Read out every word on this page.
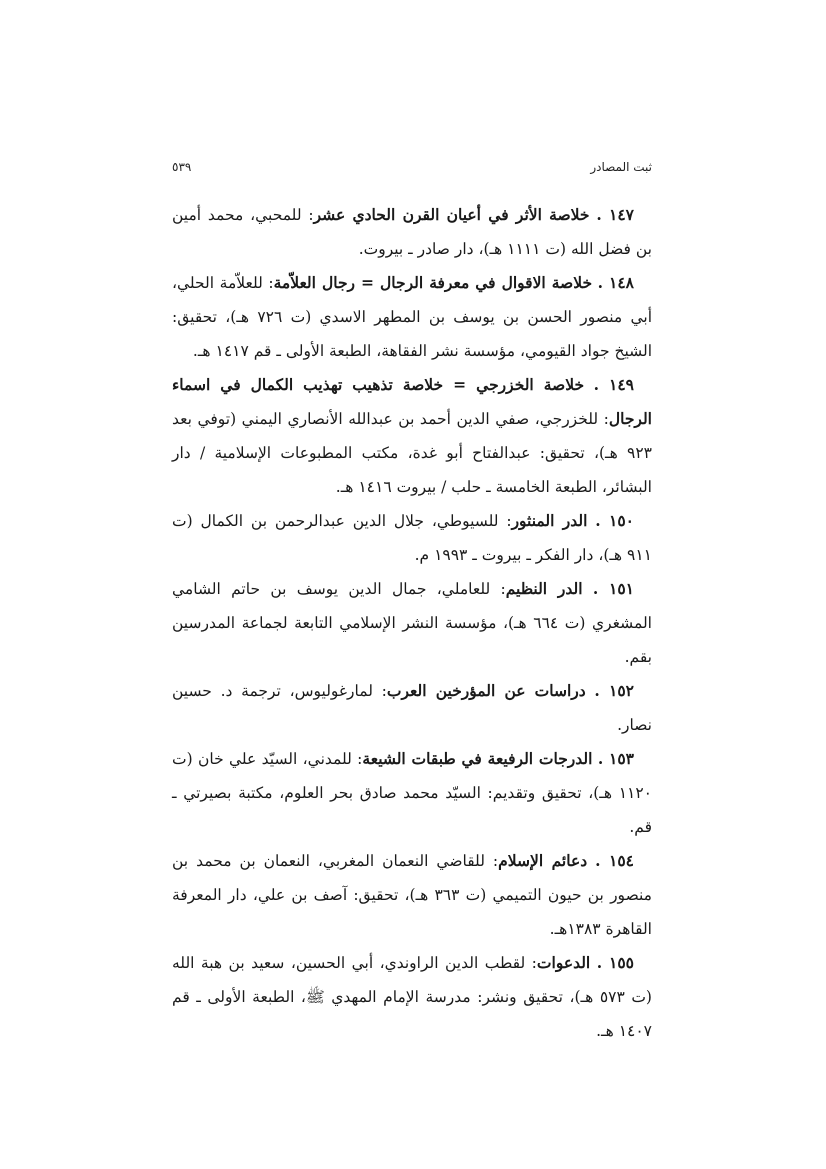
٥٣٩	ثبت المصادر

١٤٧ . خلاصة الأثر في أعيان القرن الحادي عشر: للمحبي، محمد أمين بن فضل الله (ت ١١١١ هـ)، دار صادر ـ بيروت.

١٤٨ . خلاصة الاقوال في معرفة الرجال = رجال العلاّمة: للعلاّمة الحلي، أبي منصور الحسن بن يوسف بن المطهر الاسدي (ت ٧٢٦ هـ)، تحقيق: الشيخ جواد القيومي، مؤسسة نشر الفقاهة، الطبعة الأولى ـ قم ١٤١٧ هـ.

١٤٩ . خلاصة الخزرجي = خلاصة تذهيب تهذيب الكمال في اسماء الرجال: للخزرجي، صفي الدين أحمد بن عبدالله الأنصاري اليمني (توفي بعد ٩٢٣ هـ)، تحقيق: عبدالفتاح أبو غدة، مكتب المطبوعات الإسلامية / دار البشائر، الطبعة الخامسة ـ حلب / بيروت ١٤١٦ هـ.

١٥٠ . الدر المنثور: للسيوطي، جلال الدين عبدالرحمن بن الكمال (ت ٩١١ هـ)، دار الفكر ـ بيروت ـ ١٩٩٣ م.

١٥١ . الدر النظيم: للعاملي، جمال الدين يوسف بن حاتم الشامي المشغري (ت ٦٦٤ هـ)، مؤسسة النشر الإسلامي التابعة لجماعة المدرسين بقم.

١٥٢ . دراسات عن المؤرخين العرب: لمارغوليوس، ترجمة د. حسين نصار.

١٥٣ . الدرجات الرفيعة في طبقات الشيعة: للمدني، السيّد علي خان (ت ١١٢٠ هـ)، تحقيق وتقديم: السيّد محمد صادق بحر العلوم، مكتبة بصيرتي ـ قم.

١٥٤ . دعائم الإسلام: للقاضي النعمان المغربي، النعمان بن محمد بن منصور بن حيون التميمي (ت ٣٦٣ هـ)، تحقيق: آصف بن علي، دار المعرفة القاهرة ١٣٨٣هـ.

١٥٥ . الدعوات: لقطب الدين الراوندي، أبي الحسين، سعيد بن هبة الله (ت ٥٧٣ هـ)، تحقيق ونشر: مدرسة الإمام المهدي ﷺ، الطبعة الأولى ـ قم ١٤٠٧ هـ.
